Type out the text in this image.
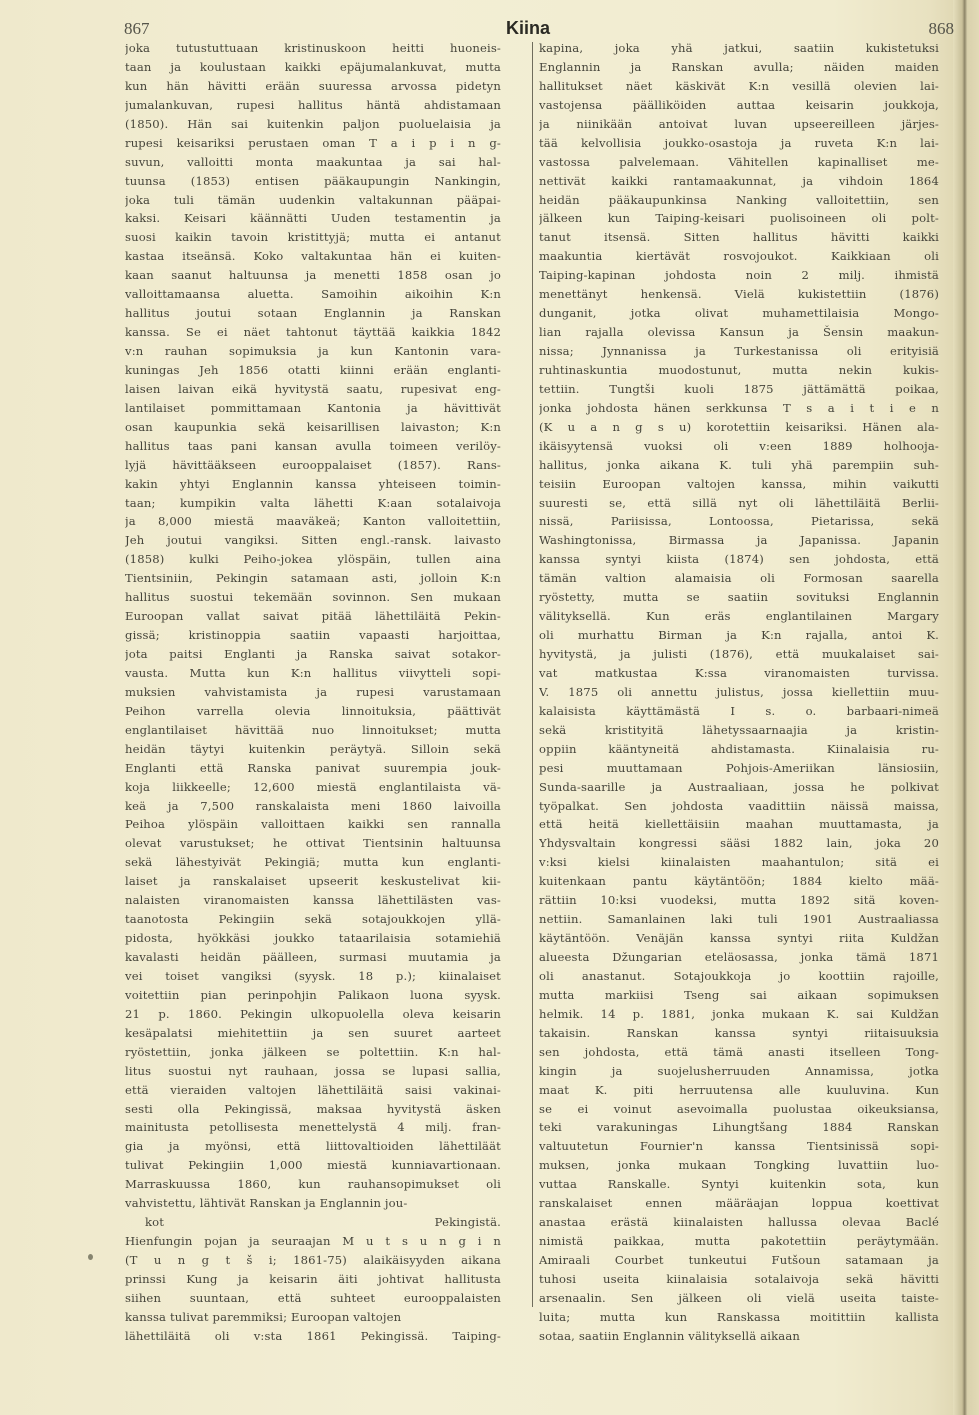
867	Kiina	868
joka tutustuttuaan kristinuskoon heitti huoneis-
taan ja koulustaan kaikki epäjumalankuvat, mutta
kun hän hävitti erään suuressa arvossa pidetyn
jumalankuvan, rupesi hallitus häntä ahdistamaan
(1850). Hän sai kuitenkin paljon puoluelaisia ja
rupesi keisariksi perustaen oman T a i p i n g-
suvun, valloitti monta maakuntaa ja sai hal-
tuunsa (1853) entisen pääkaupungin Nankingin,
joka tuli tämän uudenkin valtakunnan pääpai-
kaksi. Keisari käännätti Uuden testamentin ja
suosi kaikin tavoin kristittyjä; mutta ei antanut
kastaa itseänsä. Koko valtakuntaa hän ei kuiten-
kaan saanut haltuunsa ja menetti 1858 osan jo
valloittamaansa aluetta. Samoihin aikoihin K:n
hallitus joutui sotaan Englannin ja Ranskan
kanssa. Se ei näet tahtonut täyttää kaikkia 1842
v:n rauhan sopimuksia ja kun Kantonin vara-
kuningas Jeh 1856 otatti kiinni erään englanti-
laisen laivan eikä hyvitystä saatu, rupesivat eng-
lantilaiset pommittamaan Kantonia ja hävittivät
osan kaupunkia sekä keisarillisen laivaston; K:n
hallitus taas pani kansan avulla toimeen verilöy-
lyjä hävittääkseen eurooppalaiset (1857). Rans-
kakin yhtyi Englannin kanssa yhteiseen toimin-
taan; kumpikin valta lähetti K:aan sotalaivoja
ja 8,000 miestä maaväkeä; Kanton valloitettiin,
Jeh joutui vangiksi. Sitten engl.-ransk. laivasto
(1858) kulki Peiho-jokea ylöspäin, tullen aina
Tientsiniin, Pekingin satamaan asti, jolloin K:n
hallitus suostui tekemään sovinnon. Sen mukaan
Euroopan vallat saivat pitää lähettiläitä Pekin-
gissä; kristinoppia saatiin vapaasti harjoittaa,
jota paitsi Englanti ja Ranska saivat sotakor-
vausta. Mutta kun K:n hallitus viivytteli sopi-
muksien vahvistamista ja rupesi varustamaan
Peihon varrella olevia linnoituksia, päättivät
englantilaiset hävittää nuo linnoitukset; mutta
heidän täytyi kuitenkin peräytyä. Silloin sekä
Englanti että Ranska panivat suurempia jouk-
koja liikkeelle; 12,600 miestä englantilaista vä-
keä ja 7,500 ranskalaista meni 1860 laivoilla
Peihoa ylöspäin valloittaen kaikki sen rannalla
olevat varustukset; he ottivat Tientsinin haltuunsa
sekä lähestyivät Pekingiä; mutta kun englanti-
laiset ja ranskalaiset upseerit keskustelivat kii-
nalaisten viranomaisten kanssa lähettilästen vas-
taanotosta Pekingiin sekä sotajoukkojen yllä-
pidosta, hyökkäsi joukko tataarilaisia sotamiehiä
kavalasti heidän päälleen, surmasi muutamia ja
vei toiset vangiksi (syysk. 18 p.); kiinalaiset
voitettiin pian perinpohjin Palikaon luona syysk.
21 p. 1860. Pekingin ulkopuolella oleva keisarin
kesäpalatsi miehitettiin ja sen suuret aarteet
ryöstettiin, jonka jälkeen se poltettiin. K:n hal-
litus suostui nyt rauhaan, jossa se lupasi sallia,
että vieraiden valtojen lähettiläitä saisi vakinai-
sesti olla Pekingissä, maksaa hyvitystä äsken
mainitusta petollisesta menettelystä 4 milj. fran-
gia ja myönsi, että liittovaltioiden lähettiläät
tulivat Pekingiin 1,000 miestä kunniavartionaan.
Marraskuussa 1860, kun rauhansopimukset oli
vahvistettu, lähtivät Ranskan ja Englannin jou-
kot Pekingistä.
Hienfungin pojan ja seuraajan M u t s u n g i n
(T u n g t š i; 1861-75) alaikäisyyden aikana
prinssi Kung ja keisarin äiti johtivat hallitusta
siihen suuntaan, että suhteet eurooppalaisten
kanssa tulivat paremmiksi; Euroopan valtojen
lähettiläitä oli v:sta 1861 Pekingissä. Taiping-
kapina, joka yhä jatkui, saatiin kukistetuksi
Englannin ja Ranskan avulla; näiden maiden
hallitukset näet käskivät K:n vesillä olevien lai-
vastojensa päälliköiden auttaa keisarin joukkoja,
ja niinikään antoivat luvan upseereilleen järjes-
tää kelvollisia joukko-osastoja ja ruveta K:n lai-
vastossa palvelemaan. Vähitellen kapinalliset me-
nettivät kaikki rantamaakunnat, ja vihdoin 1864
heidän pääkaupunkinsa Nanking valloitettiin, sen
jälkeen kun Taiping-keisari puolisoineen oli polt-
tanut itsensä. Sitten hallitus hävitti kaikki
maakuntia kiertävät rosvojoukot. Kaikkiaan oli
Taiping-kapinan johdosta noin 2 milj. ihmistä
menettänyt henkensä. Vielä kukistettiin (1876)
dunganit, jotka olivat muhamettilaisia Mongo-
lian rajalla olevissa Kansun ja Šensin maakun-
nissa; Jynnanissa ja Turkestanissa oli erityisiä
ruhtinaskuntia muodostunut, mutta nekin kukis-
tettiin. Tungtši kuoli 1875 jättämättä poikaa,
jonka johdosta hänen serkkunsa T s a i t i e n
(K u a n g s u) korotettiin keisariksi. Hänen ala-
ikäisyytensä vuoksi oli v:een 1889 holhooja-
hallitus, jonka aikana K. tuli yhä parempiin suh-
teisiin Euroopan valtojen kanssa, mihin vaikutti
suuresti se, että sillä nyt oli lähettiläitä Berlii-
nissä, Pariisissa, Lontoossa, Pietarissa, sekä
Washingtonissa, Birmassa ja Japanissa. Japanin
kanssa syntyi kiista (1874) sen johdosta, että
tämän valtion alamaisia oli Formosan saarella
ryöstetty, mutta se saatiin sovituksi Englannin
välityksellä. Kun eräs englantilainen Margary
oli murhattu Birman ja K:n rajalla, antoi K.
hyvitystä, ja julisti (1876), että muukalaiset sai-
vat matkustaa K:ssa viranomaisten turvissa.
V. 1875 oli annettu julistus, jossa kiellettiin muu-
kalaisista käyttämästä I s. o. barbaari-nimeä
sekä kristityitä lähetyssaarnaajia ja kristin-
oppiin kääntyneitä ahdistamasta. Kiinalaisia ru-
pesi muuttamaan Pohjois-Ameriikan länsiosiin,
Sunda-saarille ja Austraaliaan, jossa he polkivat
työpalkat. Sen johdosta vaadittiin näissä maissa,
että heitä kiellettäisiin maahan muuttamasta, ja
Yhdysvaltain kongressi sääsi 1882 lain, joka 20
v:ksi kielsi kiinalaisten maahantulon; sitä ei
kuitenkaan pantu käytäntöön; 1884 kielto mää-
rättiin 10:ksi vuodeksi, mutta 1892 sitä koven-
nettiin. Samanlainen laki tuli 1901 Austraaliassa
käytäntöön. Venäjän kanssa syntyi riita Kuldžan
alueesta Džungarian eteläosassa, jonka tämä 1871
oli anastanut. Sotajoukkoja jo koottiin rajoille,
mutta markiisi Tseng sai aikaan sopimuksen
helmik. 14 p. 1881, jonka mukaan K. sai Kuldžan
takaisin. Ranskan kanssa syntyi riitaisuuksia
sen johdosta, että tämä anasti itselleen Tong-
kingin ja suojelusherruuden Annamissa, jotka
maat K. piti herruutensa alle kuuluvina. Kun
se ei voinut asevoimalla puolustaa oikeuksiansa,
teki varakuningas Lihungtšang 1884 Ranskan
valtuutetun Fournier'n kanssa Tientsinissä sopi-
muksen, jonka mukaan Tongking luvattiin luo-
vuttaa Ranskalle. Syntyi kuitenkin sota, kun
ranskalaiset ennen määräajan loppua koettivat
anastaa erästä kiinalaisten hallussa olevaa Baclé
nimistä paikkaa, mutta pakotettiin peräytymään.
Amiraali Courbet tunkeutui Futšoun satamaan ja
tuhosi useita kiinalaisia sotalaivoja sekä hävitti
arsenaalin. Sen jälkeen oli vielä useita taiste-
luita; mutta kun Ranskassa moitittiin kallista
sotaa, saatiin Englannin välityksellä aikaan
